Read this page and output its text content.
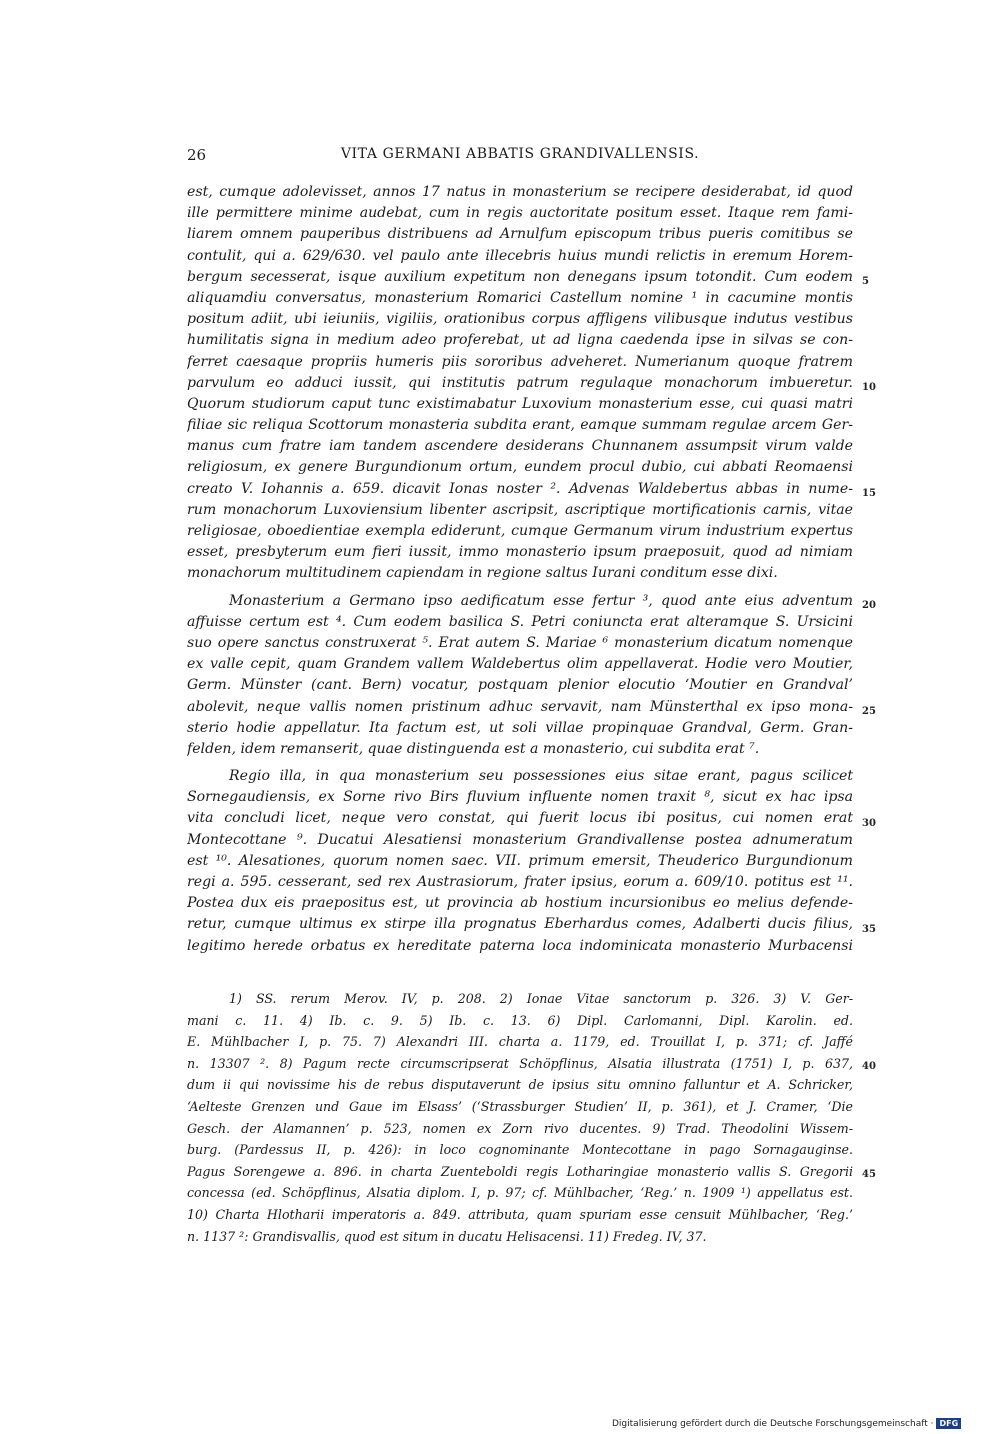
26	VITA GERMANI ABBATIS GRANDIVALLENSIS.
est, cumque adolevisset, annos 17 natus in monasterium se recipere desiderabat, id quod
ille permittere minime audebat, cum in regis auctoritate positum esset. Itaque rem fami-
liarem omnem pauperibus distribuens ad Arnulfum episcopum tribus pueris comitibus se
contulit, qui a. 629/630. vel paulo ante illecebris huius mundi relictis in eremum Horem-
bergum secesserat, isque auxilium expetitum non denegans ipsum totondit. Cum eodem
aliquamdiu conversatus, monasterium Romarici Castellum nomine ¹ in cacumine montis
positum adiit, ubi ieiuniis, vigiliis, orationibus corpus affligens vilibusque indutus vestibus
humilitatis signa in medium adeo proferebat, ut ad ligna caedenda ipse in silvas se con-
ferret caesaque propriis humeris piis sororibus adveheret. Numerianum quoque fratrem
parvulum eo adduci iussit, qui institutis patrum regulaque monachorum imbueretur.
Quorum studiorum caput tunc existimabatur Luxovium monasterium esse, cui quasi matri
filiae sic reliqua Scottorum monasteria subdita erant, eamque summam regulae arcem Ger-
manus cum fratre iam tandem ascendere desiderans Chunnanem assumpsit virum valde
religiosum, ex genere Burgundionum ortum, eundem procul dubio, cui abbati Reomaensi
creato V. Iohannis a. 659. dicavit Ionas noster ². Advenas Waldebertus abbas in nume-
rum monachorum Luxoviensium libenter ascripsit, ascriptique mortificationis carnis, vitae
religiosae, oboedientiae exempla ediderunt, cumque Germanum virum industrium expertus
esset, presbyterum eum fieri iussit, immo monasterio ipsum praeposuit, quod ad nimiam
monachorum multitudinem capiendam in regione saltus Iurani conditum esse dixi.
Monasterium a Germano ipso aedificatum esse fertur ³, quod ante eius adventum
affuisse certum est ⁴. Cum eodem basilica S. Petri coniuncta erat alteramque S. Ursicini
suo opere sanctus construxerat ⁵. Erat autem S. Mariae ⁶ monasterium dicatum nomenque
ex valle cepit, quam Grandem vallem Waldebertus olim appellaverat. Hodie vero Moutier,
Germ. Münster (cant. Bern) vocatur, postquam plenior elocutio ‘Moutier en Grandval’
abolevit, neque vallis nomen pristinum adhuc servavit, nam Münsterthal ex ipso mona-
sterio hodie appellatur. Ita factum est, ut soli villae propinquae Grandval, Germ. Gran-
felden, idem remanserit, quae distinguenda est a monasterio, cui subdita erat ⁷.
Regio illa, in qua monasterium seu possessiones eius sitae erant, pagus scilicet
Sornegaudiensis, ex Sorne rivo Birs fluvium influente nomen traxit ⁸, sicut ex hac ipsa
vita concludi licet, neque vero constat, qui fuerit locus ibi positus, cui nomen erat
Montecottane ⁹. Ducatui Alesatiensi monasterium Grandivallense postea adnumeratum
est ¹⁰. Alesationes, quorum nomen saec. VII. primum emersit, Theuderico Burgundionum
regi a. 595. cesserant, sed rex Austrasiorum, frater ipsius, eorum a. 609/10. potitus est ¹¹.
Postea dux eis praepositus est, ut provincia ab hostium incursionibus eo melius defende-
retur, cumque ultimus ex stirpe illa prognatus Eberhardus comes, Adalberti ducis filius,
legitimo herede orbatus ex hereditate paterna loca indominicata monasterio Murbacensi
5
10
15
20
25
30
35
1) SS. rerum Merov. IV, p. 208. 2) Ionae Vitae sanctorum p. 326. 3) V. Ger-
mani c. 11. 4) Ib. c. 9. 5) Ib. c. 13. 6) Dipl. Carlomanni, Dipl. Karolin. ed.
E. Mühlbacher I, p. 75. 7) Alexandri III. charta a. 1179, ed. Trouillat I, p. 371; cf. Jaffé
n. 13307 ². 8) Pagum recte circumscripserat Schöpflinus, Alsatia illustrata (1751) I, p. 637,
dum ii qui novissime his de rebus disputaverunt de ipsius situ omnino falluntur et A. Schricker,
‘Aelteste Grenzen und Gaue im Elsass’ (‘Strassburger Studien’ II, p. 361), et J. Cramer, ‘Die
Gesch. der Alamannen’ p. 523, nomen ex Zorn rivo ducentes. 9) Trad. Theodolini Wissem-
burg. (Pardessus II, p. 426): in loco cognominante Montecottane in pago Sornagauginse.
Pagus Sorengewe a. 896. in charta Zuenteboldi regis Lotharingiae monasterio vallis S. Gregorii
concessa (ed. Schöpflinus, Alsatia diplom. I, p. 97; cf. Mühlbacher, ‘Reg.’ n. 1909 ¹) appellatus est.
10) Charta Hlotharii imperatoris a. 849. attributa, quam spuriam esse censuit Mühlbacher, ‘Reg.’
n. 1137 ²: Grandisvallis, quod est situm in ducatu Helisacensi. 11) Fredeg. IV, 37.
40
45
Digitalisierung gefördert durch die Deutsche Forschungsgemeinschaft · DFG
